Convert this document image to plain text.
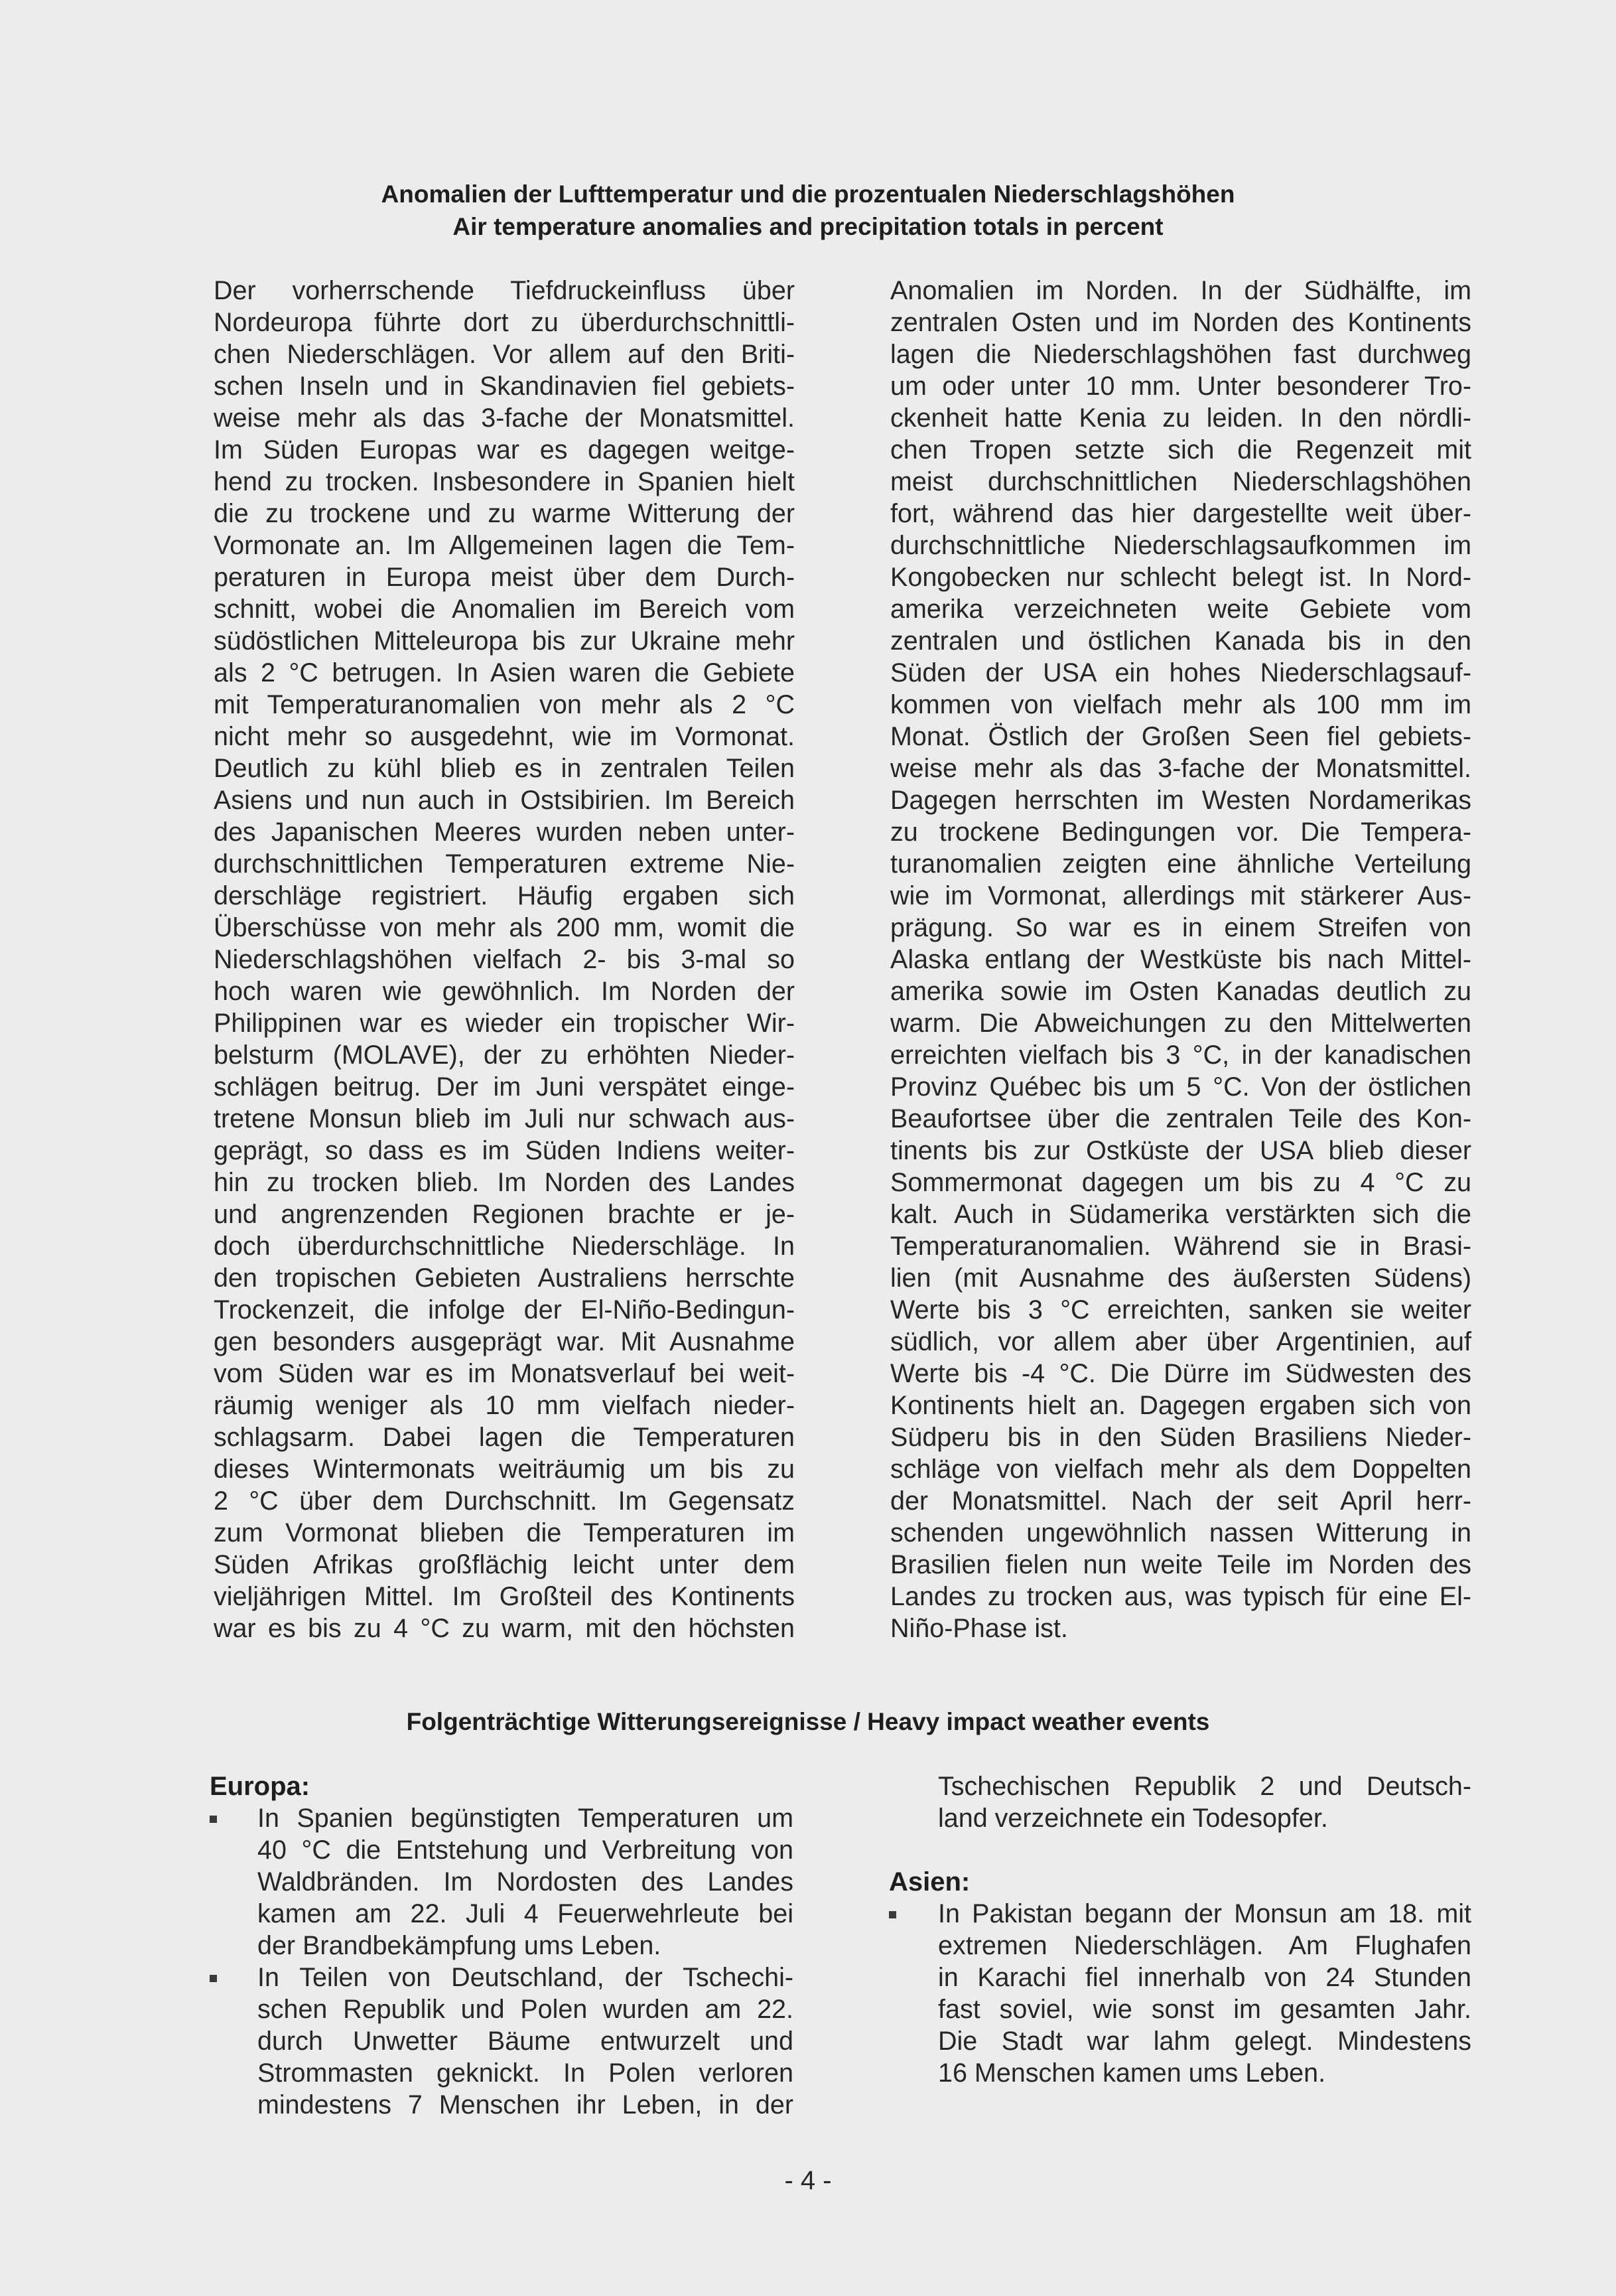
Anomalien der Lufttemperatur und die prozentualen Niederschlagshöhen
Air temperature anomalies and precipitation totals in percent
Der vorherrschende Tiefdruckeinfluss über
Nordeuropa führte dort zu überdurchschnittli-
chen Niederschlägen. Vor allem auf den Briti-
schen Inseln und in Skandinavien fiel gebiets-
weise mehr als das 3-fache der Monatsmittel.
Im Süden Europas war es dagegen weitge-
hend zu trocken. Insbesondere in Spanien hielt
die zu trockene und zu warme Witterung der
Vormonate an. Im Allgemeinen lagen die Tem-
peraturen in Europa meist über dem Durch-
schnitt, wobei die Anomalien im Bereich vom
südöstlichen Mitteleuropa bis zur Ukraine mehr
als 2 °C betrugen. In Asien waren die Gebiete
mit Temperaturanomalien von mehr als 2 °C
nicht mehr so ausgedehnt, wie im Vormonat.
Deutlich zu kühl blieb es in zentralen Teilen
Asiens und nun auch in Ostsibirien. Im Bereich
des Japanischen Meeres wurden neben unter-
durchschnittlichen Temperaturen extreme Nie-
derschläge registriert. Häufig ergaben sich
Überschüsse von mehr als 200 mm, womit die
Niederschlagshöhen vielfach 2- bis 3-mal so
hoch waren wie gewöhnlich. Im Norden der
Philippinen war es wieder ein tropischer Wir-
belsturm (MOLAVE), der zu erhöhten Nieder-
schlägen beitrug. Der im Juni verspätet einge-
tretene Monsun blieb im Juli nur schwach aus-
geprägt, so dass es im Süden Indiens weiter-
hin zu trocken blieb. Im Norden des Landes
und angrenzenden Regionen brachte er je-
doch überdurchschnittliche Niederschläge. In
den tropischen Gebieten Australiens herrschte
Trockenzeit, die infolge der El-Niño-Bedingun-
gen besonders ausgeprägt war. Mit Ausnahme
vom Süden war es im Monatsverlauf bei weit-
räumig weniger als 10 mm vielfach nieder-
schlagsarm. Dabei lagen die Temperaturen
dieses Wintermonats weiträumig um bis zu
2 °C über dem Durchschnitt. Im Gegensatz
zum Vormonat blieben die Temperaturen im
Süden Afrikas großflächig leicht unter dem
vieljährigen Mittel. Im Großteil des Kontinents
war es bis zu 4 °C zu warm, mit den höchsten
Anomalien im Norden. In der Südhälfte, im
zentralen Osten und im Norden des Kontinents
lagen die Niederschlagshöhen fast durchweg
um oder unter 10 mm. Unter besonderer Tro-
ckenheit hatte Kenia zu leiden. In den nördli-
chen Tropen setzte sich die Regenzeit mit
meist durchschnittlichen Niederschlagshöhen
fort, während das hier dargestellte weit über-
durchschnittliche Niederschlagsaufkommen im
Kongobecken nur schlecht belegt ist. In Nord-
amerika verzeichneten weite Gebiete vom
zentralen und östlichen Kanada bis in den
Süden der USA ein hohes Niederschlagsauf-
kommen von vielfach mehr als 100 mm im
Monat. Östlich der Großen Seen fiel gebiets-
weise mehr als das 3-fache der Monatsmittel.
Dagegen herrschten im Westen Nordamerikas
zu trockene Bedingungen vor. Die Tempera-
turanomalien zeigten eine ähnliche Verteilung
wie im Vormonat, allerdings mit stärkerer Aus-
prägung. So war es in einem Streifen von
Alaska entlang der Westküste bis nach Mittel-
amerika sowie im Osten Kanadas deutlich zu
warm. Die Abweichungen zu den Mittelwerten
erreichten vielfach bis 3 °C, in der kanadischen
Provinz Québec bis um 5 °C. Von der östlichen
Beaufortsee über die zentralen Teile des Kon-
tinents bis zur Ostküste der USA blieb dieser
Sommermonat dagegen um bis zu 4 °C zu
kalt. Auch in Südamerika verstärkten sich die
Temperaturanomalien. Während sie in Brasi-
lien (mit Ausnahme des äußersten Südens)
Werte bis 3 °C erreichten, sanken sie weiter
südlich, vor allem aber über Argentinien, auf
Werte bis -4 °C. Die Dürre im Südwesten des
Kontinents hielt an. Dagegen ergaben sich von
Südperu bis in den Süden Brasiliens Nieder-
schläge von vielfach mehr als dem Doppelten
der Monatsmittel. Nach der seit April herr-
schenden ungewöhnlich nassen Witterung in
Brasilien fielen nun weite Teile im Norden des
Landes zu trocken aus, was typisch für eine El-
Niño-Phase ist.
Folgenträchtige Witterungsereignisse / Heavy impact weather events
Europa:
In Spanien begünstigten Temperaturen um
40 °C die Entstehung und Verbreitung von
Waldbränden. Im Nordosten des Landes
kamen am 22. Juli 4 Feuerwehrleute bei
der Brandbekämpfung ums Leben.
In Teilen von Deutschland, der Tschechi-
schen Republik und Polen wurden am 22.
durch Unwetter Bäume entwurzelt und
Strommasten geknickt. In Polen verloren
mindestens 7 Menschen ihr Leben, in der
Tschechischen Republik 2 und Deutsch-
land verzeichnete ein Todesopfer.
Asien:
In Pakistan begann der Monsun am 18. mit
extremen Niederschlägen. Am Flughafen
in Karachi fiel innerhalb von 24 Stunden
fast soviel, wie sonst im gesamten Jahr.
Die Stadt war lahm gelegt. Mindestens
16 Menschen kamen ums Leben.
- 4 -
